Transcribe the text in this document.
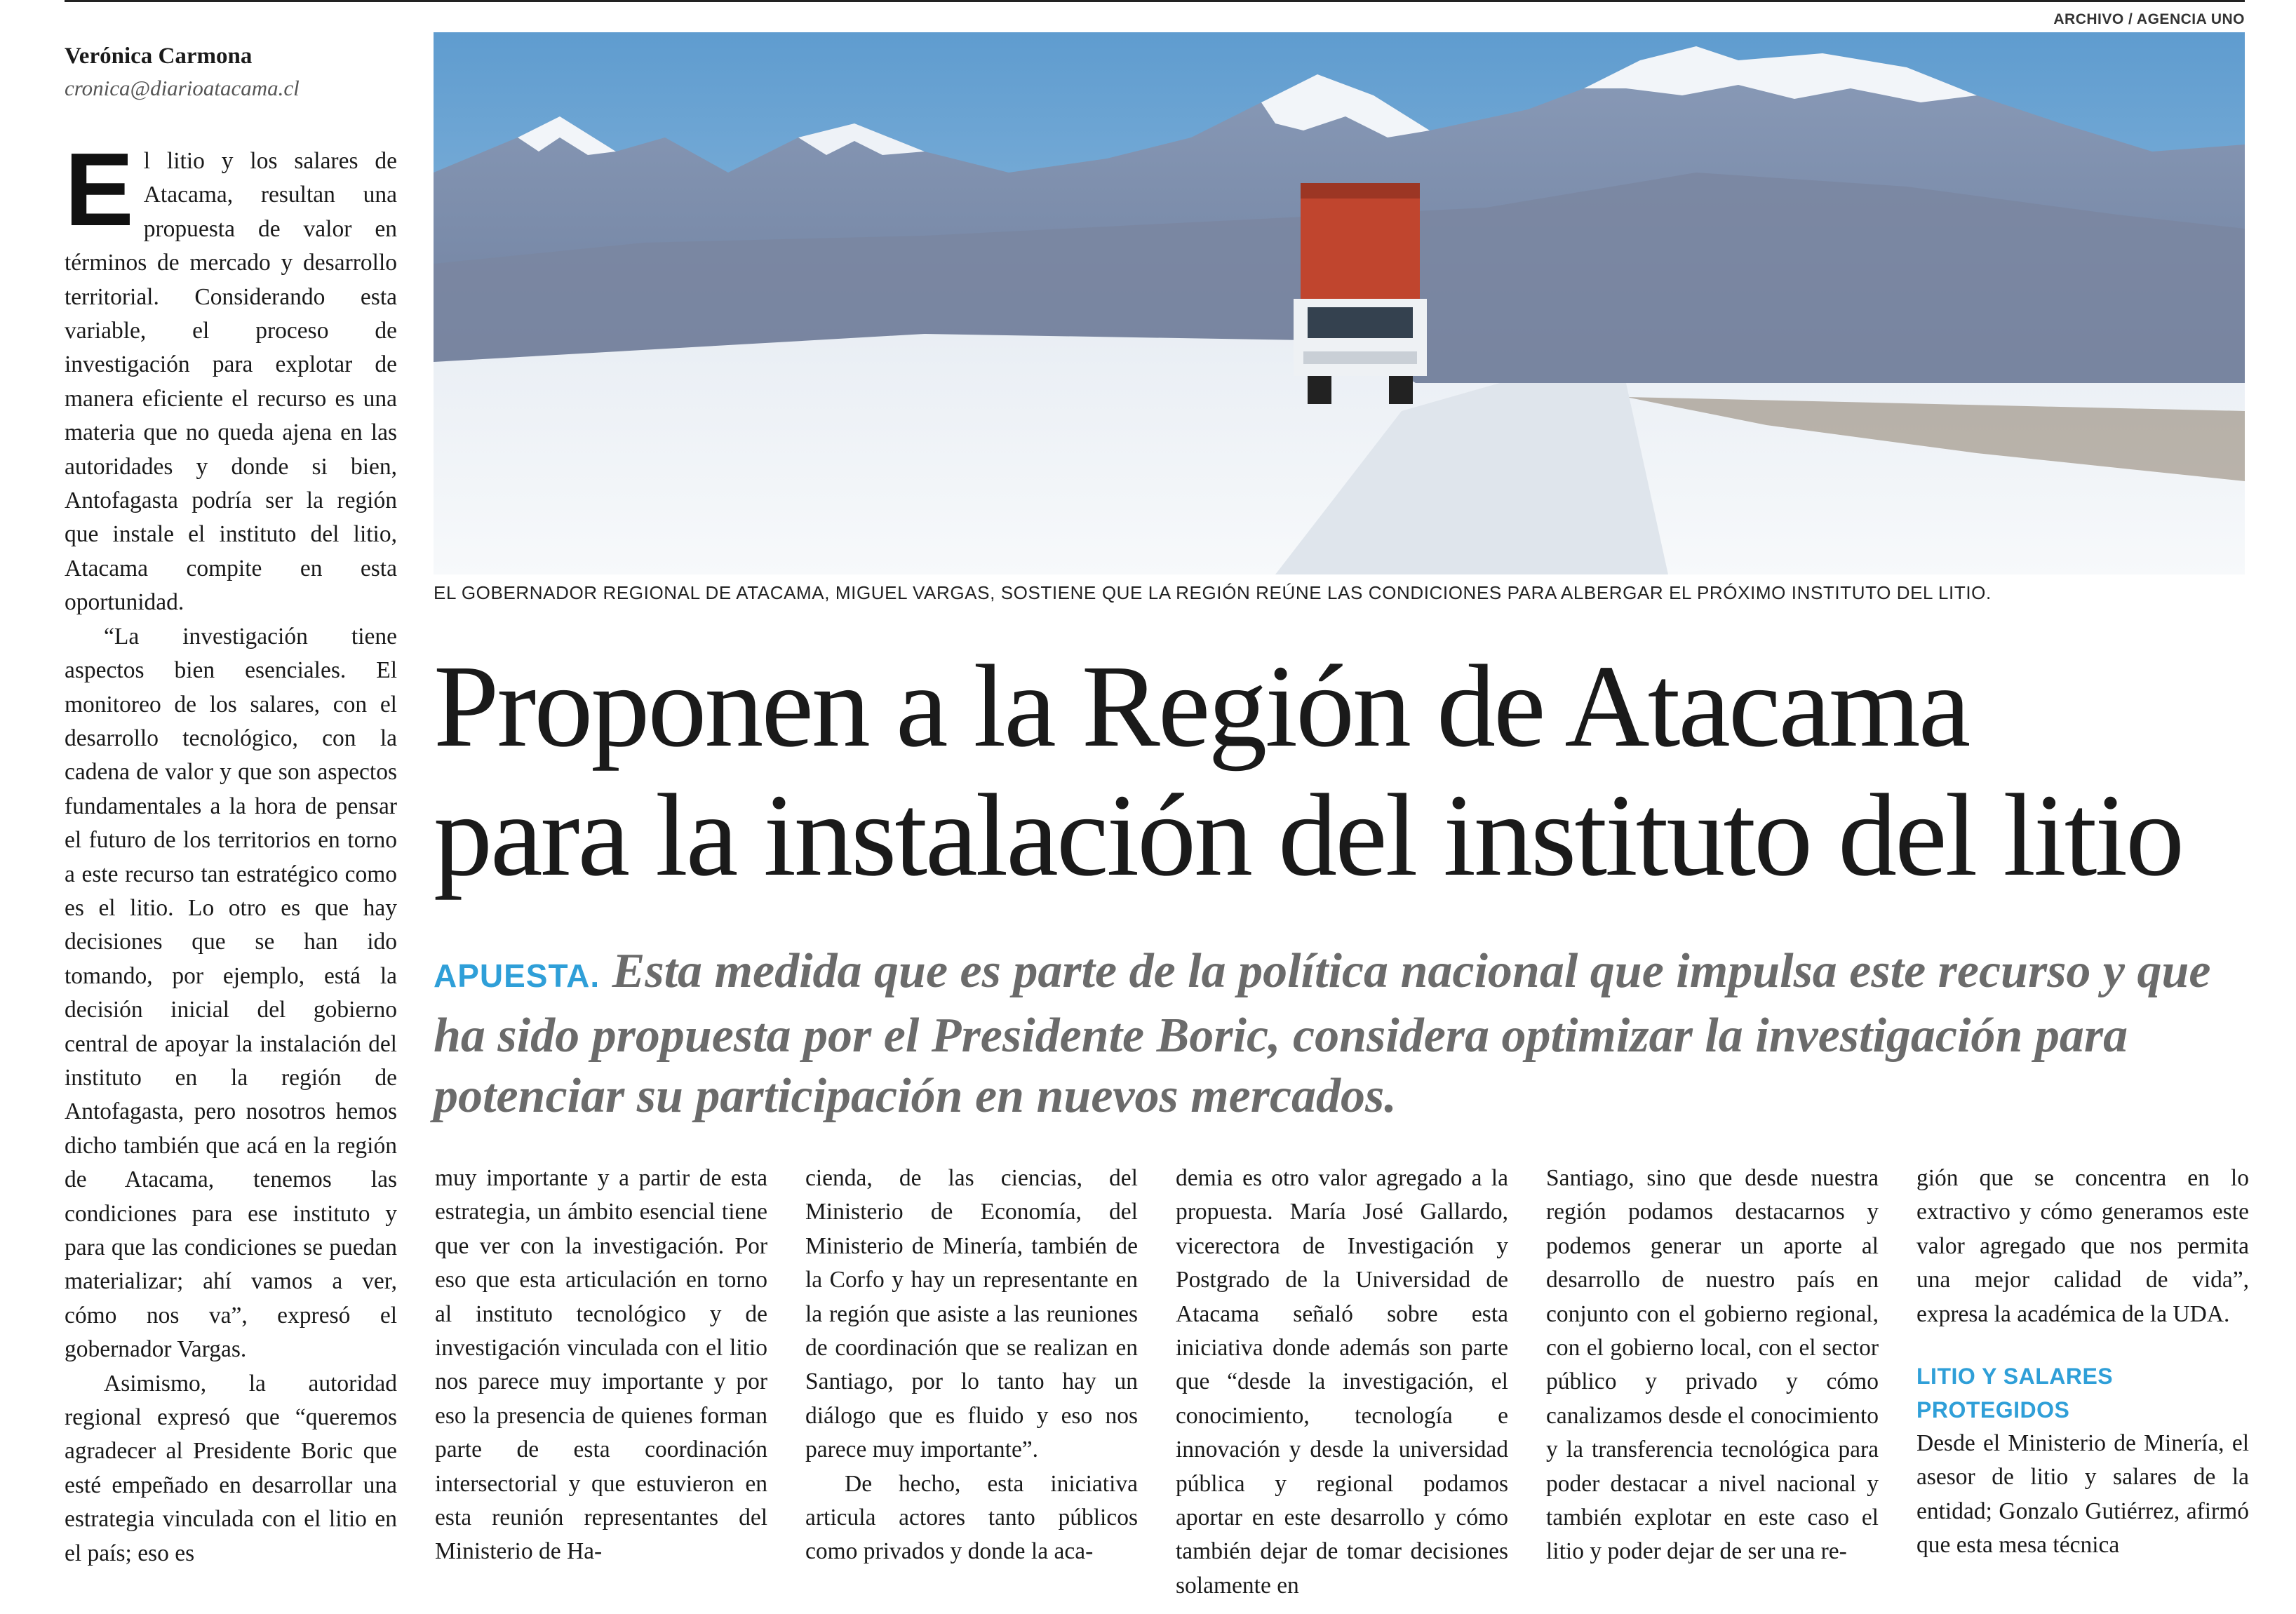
Verónica Carmona
cronica@diarioatacama.cl
ARCHIVO / AGENCIA UNO
EL GOBERNADOR REGIONAL DE ATACAMA, MIGUEL VARGAS, SOSTIENE QUE LA REGIÓN REÚNE LAS CONDICIONES PARA ALBERGAR EL PRÓXIMO INSTITUTO DEL LITIO.
Proponen a la Región de Atacama
para la instalación del instituto del litio

APUESTA. Esta medida que es parte de la política nacional que impulsa este recurso y que ha sido propuesta por el Presidente Boric, considera optimizar la investigación para potenciar su participación en nuevos mercados.

El litio y los salares de Atacama, resultan una propuesta de valor en términos de mercado y desarrollo territorial. Considerando esta variable, el proceso de investigación para explotar de manera eficiente el recurso es una materia que no queda ajena en las autoridades y donde si bien, Antofagasta podría ser la región que instale el instituto del litio, Atacama compite en esta oportunidad.

“La investigación tiene aspectos bien esenciales. El monitoreo de los salares, con el desarrollo tecnológico, con la cadena de valor y que son aspectos fundamentales a la hora de pensar el futuro de los territorios en torno a este recurso tan estratégico como es el litio. Lo otro es que hay decisiones que se han ido tomando, por ejemplo, está la decisión inicial del gobierno central de apoyar la instalación del instituto en la región de Antofagasta, pero nosotros hemos dicho también que acá en la región de Atacama, tenemos las condiciones para ese instituto y para que las condiciones se puedan materializar; ahí vamos a ver, cómo nos va”, expresó el gobernador Vargas.

Asimismo, la autoridad regional expresó que “queremos agradecer al Presidente Boric que esté empeñado en desarrollar una estrategia vinculada con el litio en el país; eso es

muy importante y a partir de esta estrategia, un ámbito esencial tiene que ver con la investigación. Por eso que esta articulación en torno al instituto tecnológico y de investigación vinculada con el litio nos parece muy importante y por eso la presencia de quienes forman parte de esta coordinación intersectorial y que estuvieron en esta reunión representantes del Ministerio de Ha-

cienda, de las ciencias, del Ministerio de Economía, del Ministerio de Minería, también de la Corfo y hay un representante en la región que asiste a las reuniones de coordinación que se realizan en Santiago, por lo tanto hay un diálogo que es fluido y eso nos parece muy importante”.

De hecho, esta iniciativa articula actores tanto públicos como privados y donde la aca-

demia es otro valor agregado a la propuesta. María José Gallardo, vicerectora de Investigación y Postgrado de la Universidad de Atacama señaló sobre esta iniciativa donde además son parte que “desde la investigación, el conocimiento, tecnología e innovación y desde la universidad pública y regional podamos aportar en este desarrollo y cómo también dejar de tomar decisiones solamente en

Santiago, sino que desde nuestra región podamos destacarnos y podemos generar un aporte al desarrollo de nuestro país en conjunto con el gobierno regional, con el gobierno local, con el sector público y privado y cómo canalizamos desde el conocimiento y la transferencia tecnológica para poder destacar a nivel nacional y también explotar en este caso el litio y poder dejar de ser una re-

gión que se concentra en lo extractivo y cómo generamos este valor agregado que nos permita una mejor calidad de vida”, expresa la académica de la UDA.

LITIO Y SALARES PROTEGIDOS

Desde el Ministerio de Minería, el asesor de litio y salares de la entidad; Gonzalo Gutiérrez, afirmó que esta mesa técnica
